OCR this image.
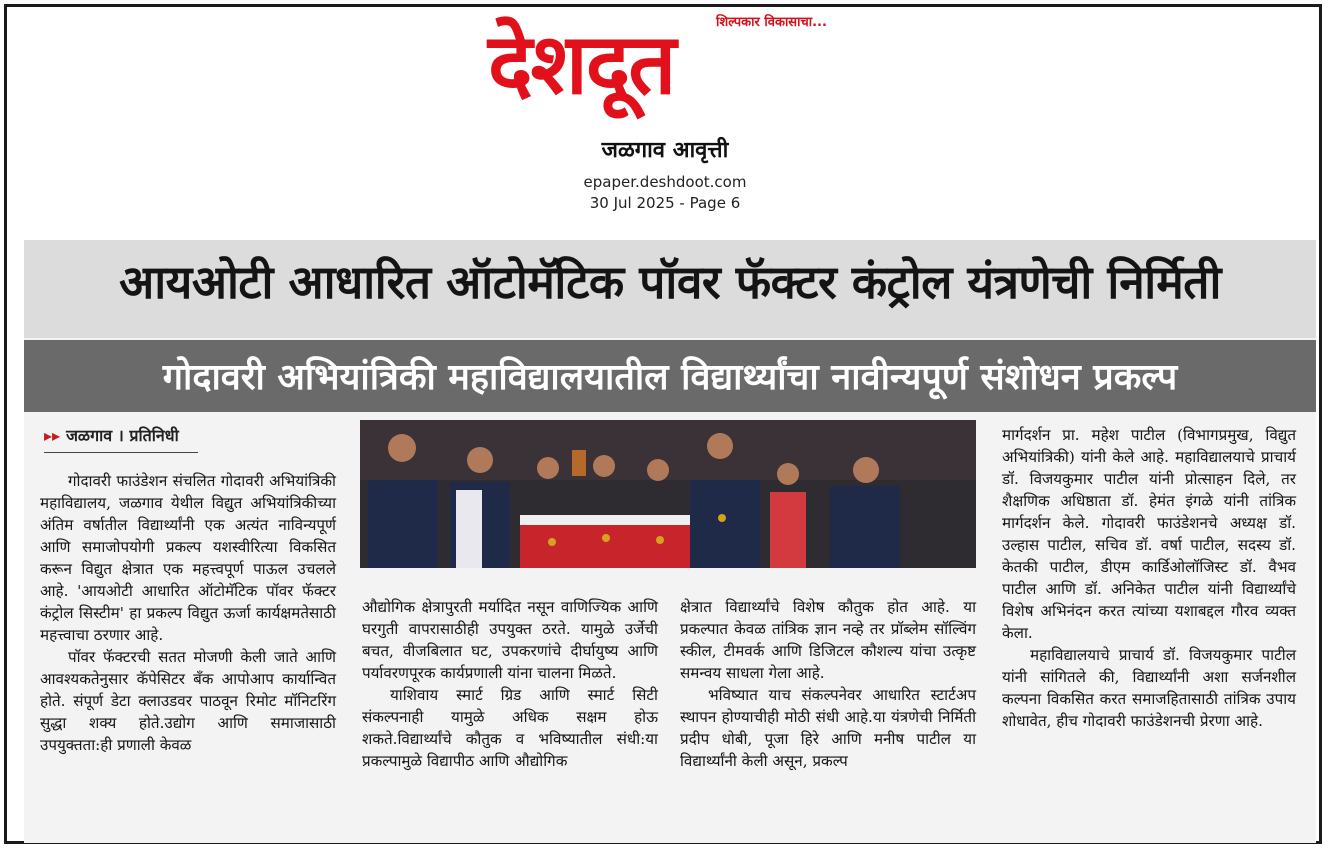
शिल्पकार विकासाचा...
देशदूत
जळगाव आवृत्ती
epaper.deshdoot.com
30 Jul 2025 - Page 6
आयओटी आधारित ऑटोमॅटिक पॉवर फॅक्टर कंट्रोल यंत्रणेची निर्मिती
गोदावरी अभियांत्रिकी महाविद्यालयातील विद्यार्थ्यांचा नावीन्यपूर्ण संशोधन प्रकल्प
▸▸ जळगाव । प्रतिनिधी

गोदावरी फाउंडेशन संचलित गोदावरी अभियांत्रिकी महाविद्यालय, जळगाव येथील विद्युत अभियांत्रिकीच्या अंतिम वर्षातील विद्यार्थ्यांनी एक अत्यंत नाविन्यपूर्ण आणि समाजोपयोगी प्रकल्प यशस्वीरित्या विकसित करून विद्युत क्षेत्रात एक महत्त्वपूर्ण पाऊल उचलले आहे. 'आयओटी आधारित ऑटोमॅटिक पॉवर फॅक्टर कंट्रोल सिस्टीम' हा प्रकल्प विद्युत ऊर्जा कार्यक्षमतेसाठी महत्त्वाचा ठरणार आहे.

पॉवर फॅक्टरची सतत मोजणी केली जाते आणि आवश्यकतेनुसार कॅपेसिटर बँक आपोआप कार्यान्वित होते. संपूर्ण डेटा क्लाउडवर पाठवून रिमोट मॉनिटरिंग सुद्धा शक्य होते.उद्योग आणि समाजासाठी उपयुक्तता:ही प्रणाली केवळ

औद्योगिक क्षेत्रापुरती मर्यादित नसून वाणिज्यिक आणि घरगुती वापरासाठीही उपयुक्त ठरते. यामुळे उर्जेची बचत, वीजबिलात घट, उपकरणांचे दीर्घायुष्य आणि पर्यावरणपूरक कार्यप्रणाली यांना चालना मिळते.

याशिवाय स्मार्ट ग्रिड आणि स्मार्ट सिटी संकल्पनाही यामुळे अधिक सक्षम होऊ शकते.विद्यार्थ्यांचे कौतुक व भविष्यातील संधी:या प्रकल्पामुळे विद्यापीठ आणि औद्योगिक

क्षेत्रात विद्यार्थ्यांचे विशेष कौतुक होत आहे. या प्रकल्पात केवळ तांत्रिक ज्ञान नव्हे तर प्रॉब्लेम सॉल्विंग स्कील, टीमवर्क आणि डिजिटल कौशल्य यांचा उत्कृष्ट समन्वय साधला गेला आहे.

भविष्यात याच संकल्पनेवर आधारित स्टार्टअप स्थापन होण्याचीही मोठी संधी आहे.या यंत्रणेची निर्मिती प्रदीप धोबी, पूजा हिरे आणि मनीष पाटील या विद्यार्थ्यांनी केली असून, प्रकल्प

मार्गदर्शन प्रा. महेश पाटील (विभागप्रमुख, विद्युत अभियांत्रिकी) यांनी केले आहे. महाविद्यालयाचे प्राचार्य डॉ. विजयकुमार पाटील यांनी प्रोत्साहन दिले, तर शैक्षणिक अधिष्ठाता डॉ. हेमंत इंगळे यांनी तांत्रिक मार्गदर्शन केले. गोदावरी फाउंडेशनचे अध्यक्ष डॉ. उल्हास पाटील, सचिव डॉ. वर्षा पाटील, सदस्य डॉ. केतकी पाटील, डीएम कार्डिओलॉजिस्ट डॉ. वैभव पाटील आणि डॉ. अनिकेत पाटील यांनी विद्यार्थ्यांचे विशेष अभिनंदन करत त्यांच्या यशाबद्दल गौरव व्यक्त केला.

महाविद्यालयाचे प्राचार्य डॉ. विजयकुमार पाटील यांनी सांगितले की, विद्यार्थ्यांनी अशा सर्जनशील कल्पना विकसित करत समाजहितासाठी तांत्रिक उपाय शोधावेत, हीच गोदावरी फाउंडेशनची प्रेरणा आहे.
